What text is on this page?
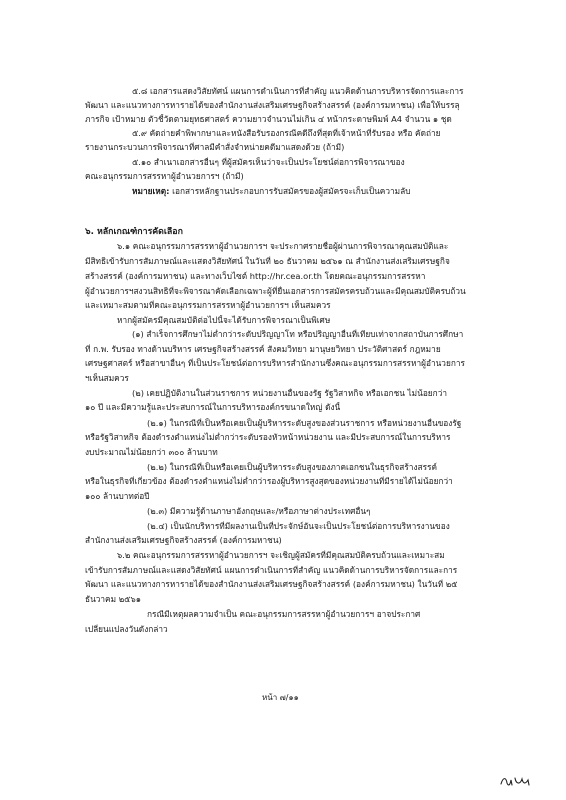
๕.๘ เอกสารแสดงวิสัยทัศน์ แผนการดำเนินการที่สำคัญ แนวคิดด้านการบริหารจัดการและการ
พัฒนา และแนวทางการหารายได้ของสำนักงานส่งเสริมเศรษฐกิจสร้างสรรค์ (องค์การมหาชน) เพื่อให้บรรลุ
ภารกิจ เป้าหมาย ตัวชี้วัดตามยุทธศาสตร์ ความยาวจำนวนไม่เกิน ๔ หน้ากระดาษพิมพ์ A4 จำนวน ๑ ชุด
๕.๙ คัดถ่ายคำพิพากษาและหนังสือรับรองกรณีคดีถึงที่สุดที่เจ้าหน้าที่รับรอง หรือ คัดถ่าย
รายงานกระบวนการพิจารณาที่ศาลมีคำสั่งจำหน่ายคดีมาแสดงด้วย (ถ้ามี)
๕.๑๐ สำเนาเอกสารอื่นๆ ที่ผู้สมัครเห็นว่าจะเป็นประโยชน์ต่อการพิจารณาของ
คณะอนุกรรมการสรรหาผู้อำนวยการฯ (ถ้ามี)
หมายเหตุ: เอกสารหลักฐานประกอบการรับสมัครของผู้สมัครจะเก็บเป็นความลับ
๖. หลักเกณฑ์การคัดเลือก
๖.๑ คณะอนุกรรมการสรรหาผู้อำนวยการฯ จะประกาศรายชื่อผู้ผ่านการพิจารณาคุณสมบัติและ
มีสิทธิเข้ารับการสัมภาษณ์และแสดงวิสัยทัศน์ ในวันที่ ๒๐ ธันวาคม ๒๕๖๑ ณ สำนักงานส่งเสริมเศรษฐกิจ
สร้างสรรค์ (องค์การมหาชน) และทางเว็บไซต์ http://hr.cea.or.th โดยคณะอนุกรรมการสรรหา
ผู้อำนวยการฯสงวนสิทธิที่จะพิจารณาคัดเลือกเฉพาะผู้ที่ยื่นเอกสารการสมัครครบถ้วนและมีคุณสมบัติครบถ้วน
และเหมาะสมตามที่คณะอนุกรรมการสรรหาผู้อำนวยการฯ เห็นสมควร
หากผู้สมัครมีคุณสมบัติต่อไปนี้จะได้รับการพิจารณาเป็นพิเศษ
(๑) สำเร็จการศึกษาไม่ต่ำกว่าระดับปริญญาโท หรือปริญญาอื่นที่เทียบเท่าจากสถาบันการศึกษา
ที่ ก.พ. รับรอง ทางด้านบริหาร เศรษฐกิจสร้างสรรค์ สังคมวิทยา มานุษยวิทยา ประวัติศาสตร์ กฎหมาย
เศรษฐศาสตร์ หรือสาขาอื่นๆ ที่เป็นประโยชน์ต่อการบริหารสำนักงานซึ่งคณะอนุกรรมการสรรหาผู้อำนวยการ
ฯเห็นสมควร
(๒) เคยปฏิบัติงานในส่วนราชการ หน่วยงานอื่นของรัฐ รัฐวิสาหกิจ หรือเอกชน ไม่น้อยกว่า
๑๐ ปี และมีความรู้และประสบการณ์ในการบริหารองค์กรขนาดใหญ่ ดังนี้
(๒.๑) ในกรณีที่เป็นหรือเคยเป็นผู้บริหารระดับสูงของส่วนราชการ หรือหน่วยงานอื่นของรัฐ
หรือรัฐวิสาหกิจ ต้องดำรงตำแหน่งไม่ต่ำกว่าระดับรองหัวหน้าหน่วยงาน และมีประสบการณ์ในการบริหาร
งบประมาณไม่น้อยกว่า ๓๐๐ ล้านบาท
(๒.๒) ในกรณีที่เป็นหรือเคยเป็นผู้บริหารระดับสูงของภาคเอกชนในธุรกิจสร้างสรรค์
หรือในธุรกิจที่เกี่ยวข้อง ต้องดำรงตำแหน่งไม่ต่ำกว่ารองผู้บริหารสูงสุดของหน่วยงานที่มีรายได้ไม่น้อยกว่า
๑๐๐ ล้านบาทต่อปี
(๒.๓) มีความรู้ด้านภาษาอังกฤษและ/หรือภาษาต่างประเทศอื่นๆ
(๒.๔) เป็นนักบริหารที่มีผลงานเป็นที่ประจักษ์อันจะเป็นประโยชน์ต่อการบริหารงานของ
สำนักงานส่งเสริมเศรษฐกิจสร้างสรรค์ (องค์การมหาชน)
๖.๒ คณะอนุกรรมการสรรหาผู้อำนวยการฯ จะเชิญผู้สมัครที่มีคุณสมบัติครบถ้วนและเหมาะสม
เข้ารับการสัมภาษณ์และแสดงวิสัยทัศน์ แผนการดำเนินการที่สำคัญ แนวคิดด้านการบริหารจัดการและการ
พัฒนา และแนวทางการหารายได้ของสำนักงานส่งเสริมเศรษฐกิจสร้างสรรค์ (องค์การมหาชน) ในวันที่ ๒๕
ธันวาคม ๒๕๖๑
กรณีมีเหตุผลความจำเป็น คณะอนุกรรมการสรรหาผู้อำนวยการฯ อาจประกาศ
เปลี่ยนแปลงวันดังกล่าว
หน้า ๗/๑๑
